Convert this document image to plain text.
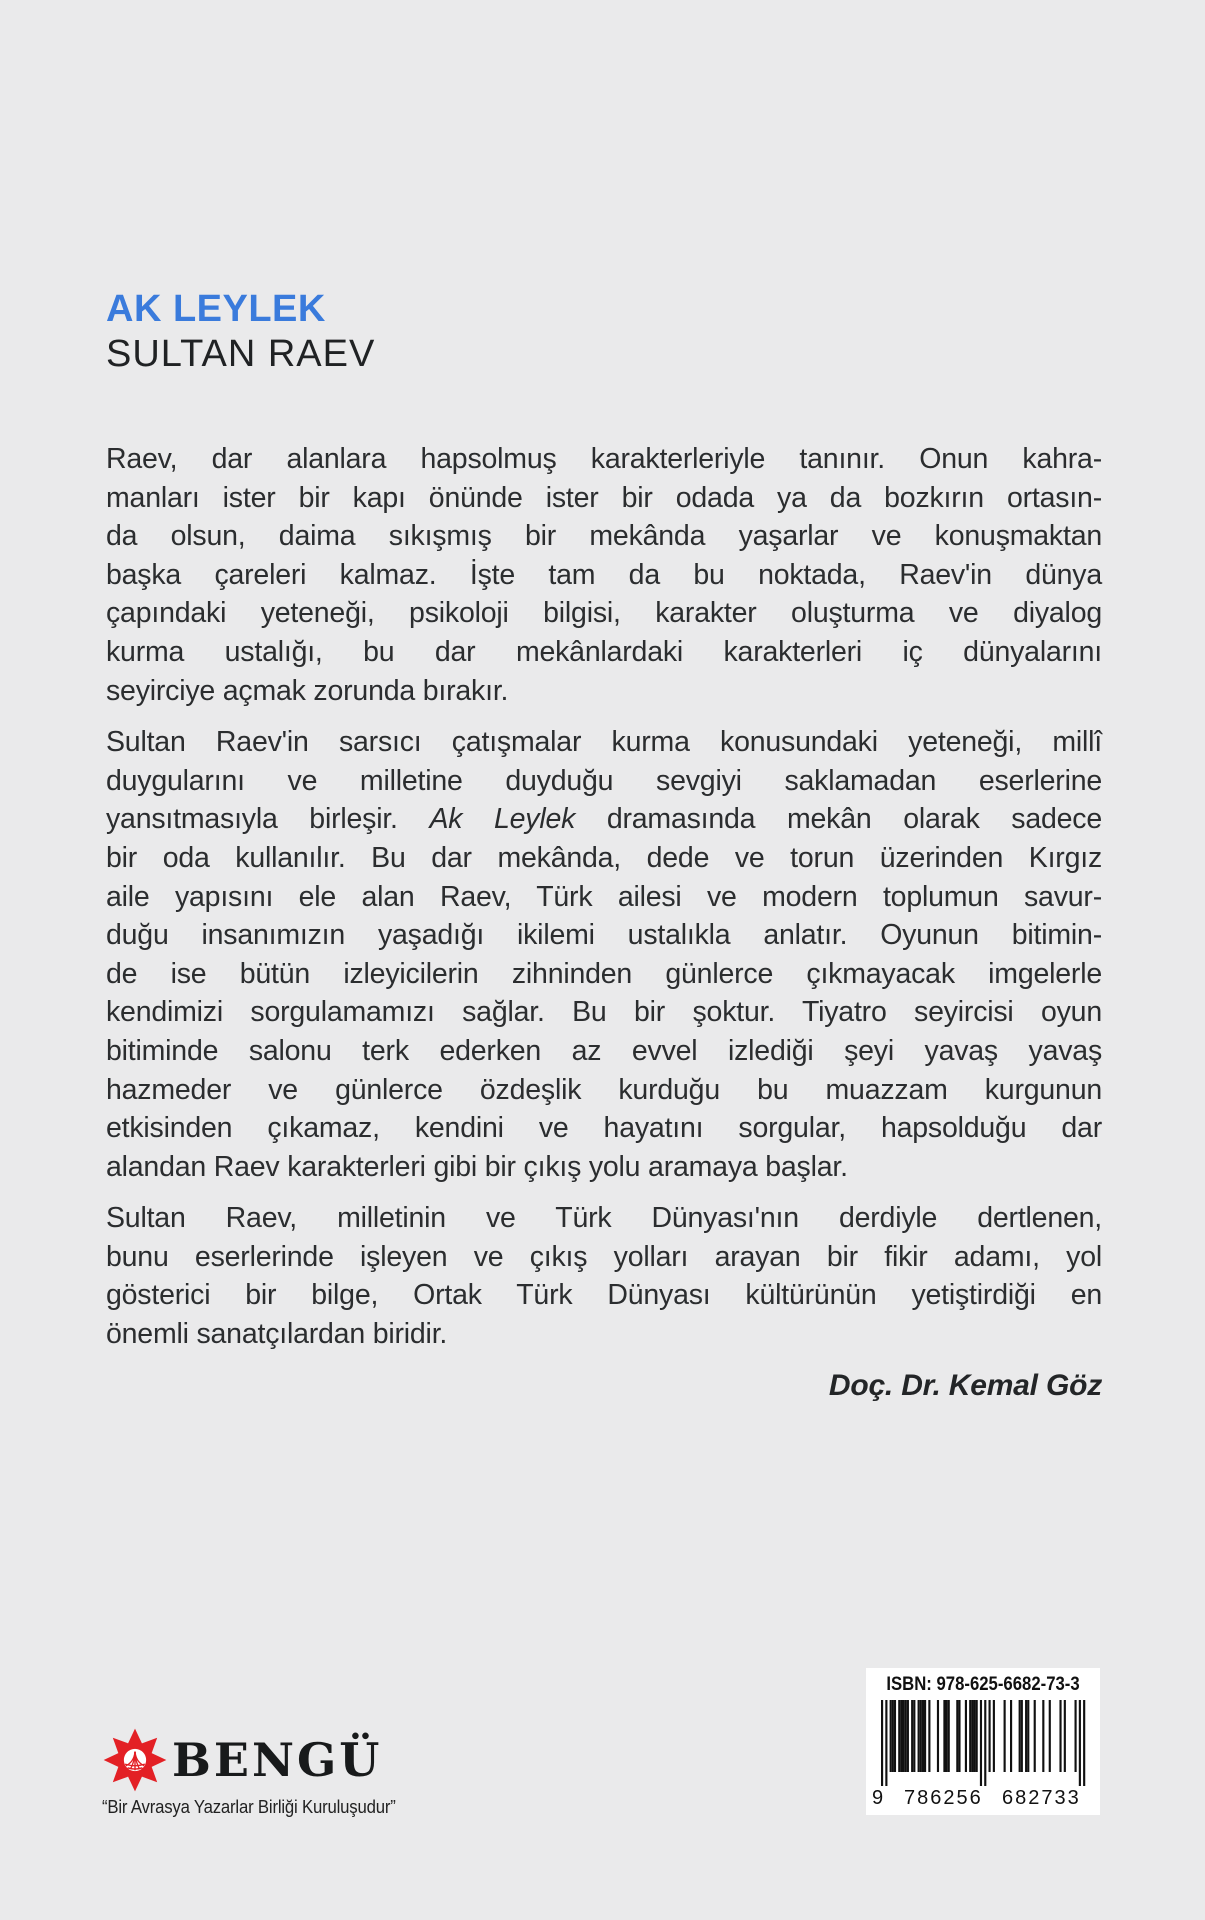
AK LEYLEK
SULTAN RAEV
Raev, dar alanlara hapsolmuş karakterleriyle tanınır. Onun kahra-
manları ister bir kapı önünde ister bir odada ya da bozkırın ortasın-
da olsun, daima sıkışmış bir mekânda yaşarlar ve konuşmaktan
başka çareleri kalmaz. İşte tam da bu noktada, Raev'in dünya
çapındaki yeteneği, psikoloji bilgisi, karakter oluşturma ve diyalog
kurma ustalığı, bu dar mekânlardaki karakterleri iç dünyalarını
seyirciye açmak zorunda bırakır.
Sultan Raev'in sarsıcı çatışmalar kurma konusundaki yeteneği, millî
duygularını ve milletine duyduğu sevgiyi saklamadan eserlerine
yansıtmasıyla birleşir. Ak Leylek dramasında mekân olarak sadece
bir oda kullanılır. Bu dar mekânda, dede ve torun üzerinden Kırgız
aile yapısını ele alan Raev, Türk ailesi ve modern toplumun savur-
duğu insanımızın yaşadığı ikilemi ustalıkla anlatır. Oyunun bitimin-
de ise bütün izleyicilerin zihninden günlerce çıkmayacak imgelerle
kendimizi sorgulamamızı sağlar. Bu bir şoktur. Tiyatro seyircisi oyun
bitiminde salonu terk ederken az evvel izlediği şeyi yavaş yavaş
hazmeder ve günlerce özdeşlik kurduğu bu muazzam kurgunun
etkisinden çıkamaz, kendini ve hayatını sorgular, hapsolduğu dar
alandan Raev karakterleri gibi bir çıkış yolu aramaya başlar.
Sultan Raev, milletinin ve Türk Dünyası'nın derdiyle dertlenen,
bunu eserlerinde işleyen ve çıkış yolları arayan bir fikir adamı, yol
gösterici bir bilge, Ortak Türk Dünyası kültürünün yetiştirdiği en
önemli sanatçılardan biridir.
Doç. Dr. Kemal Göz
BENGÜ
“Bir Avrasya Yazarlar Birliği Kuruluşudur”
ISBN: 978-625-6682-73-3
9 786256 682733
